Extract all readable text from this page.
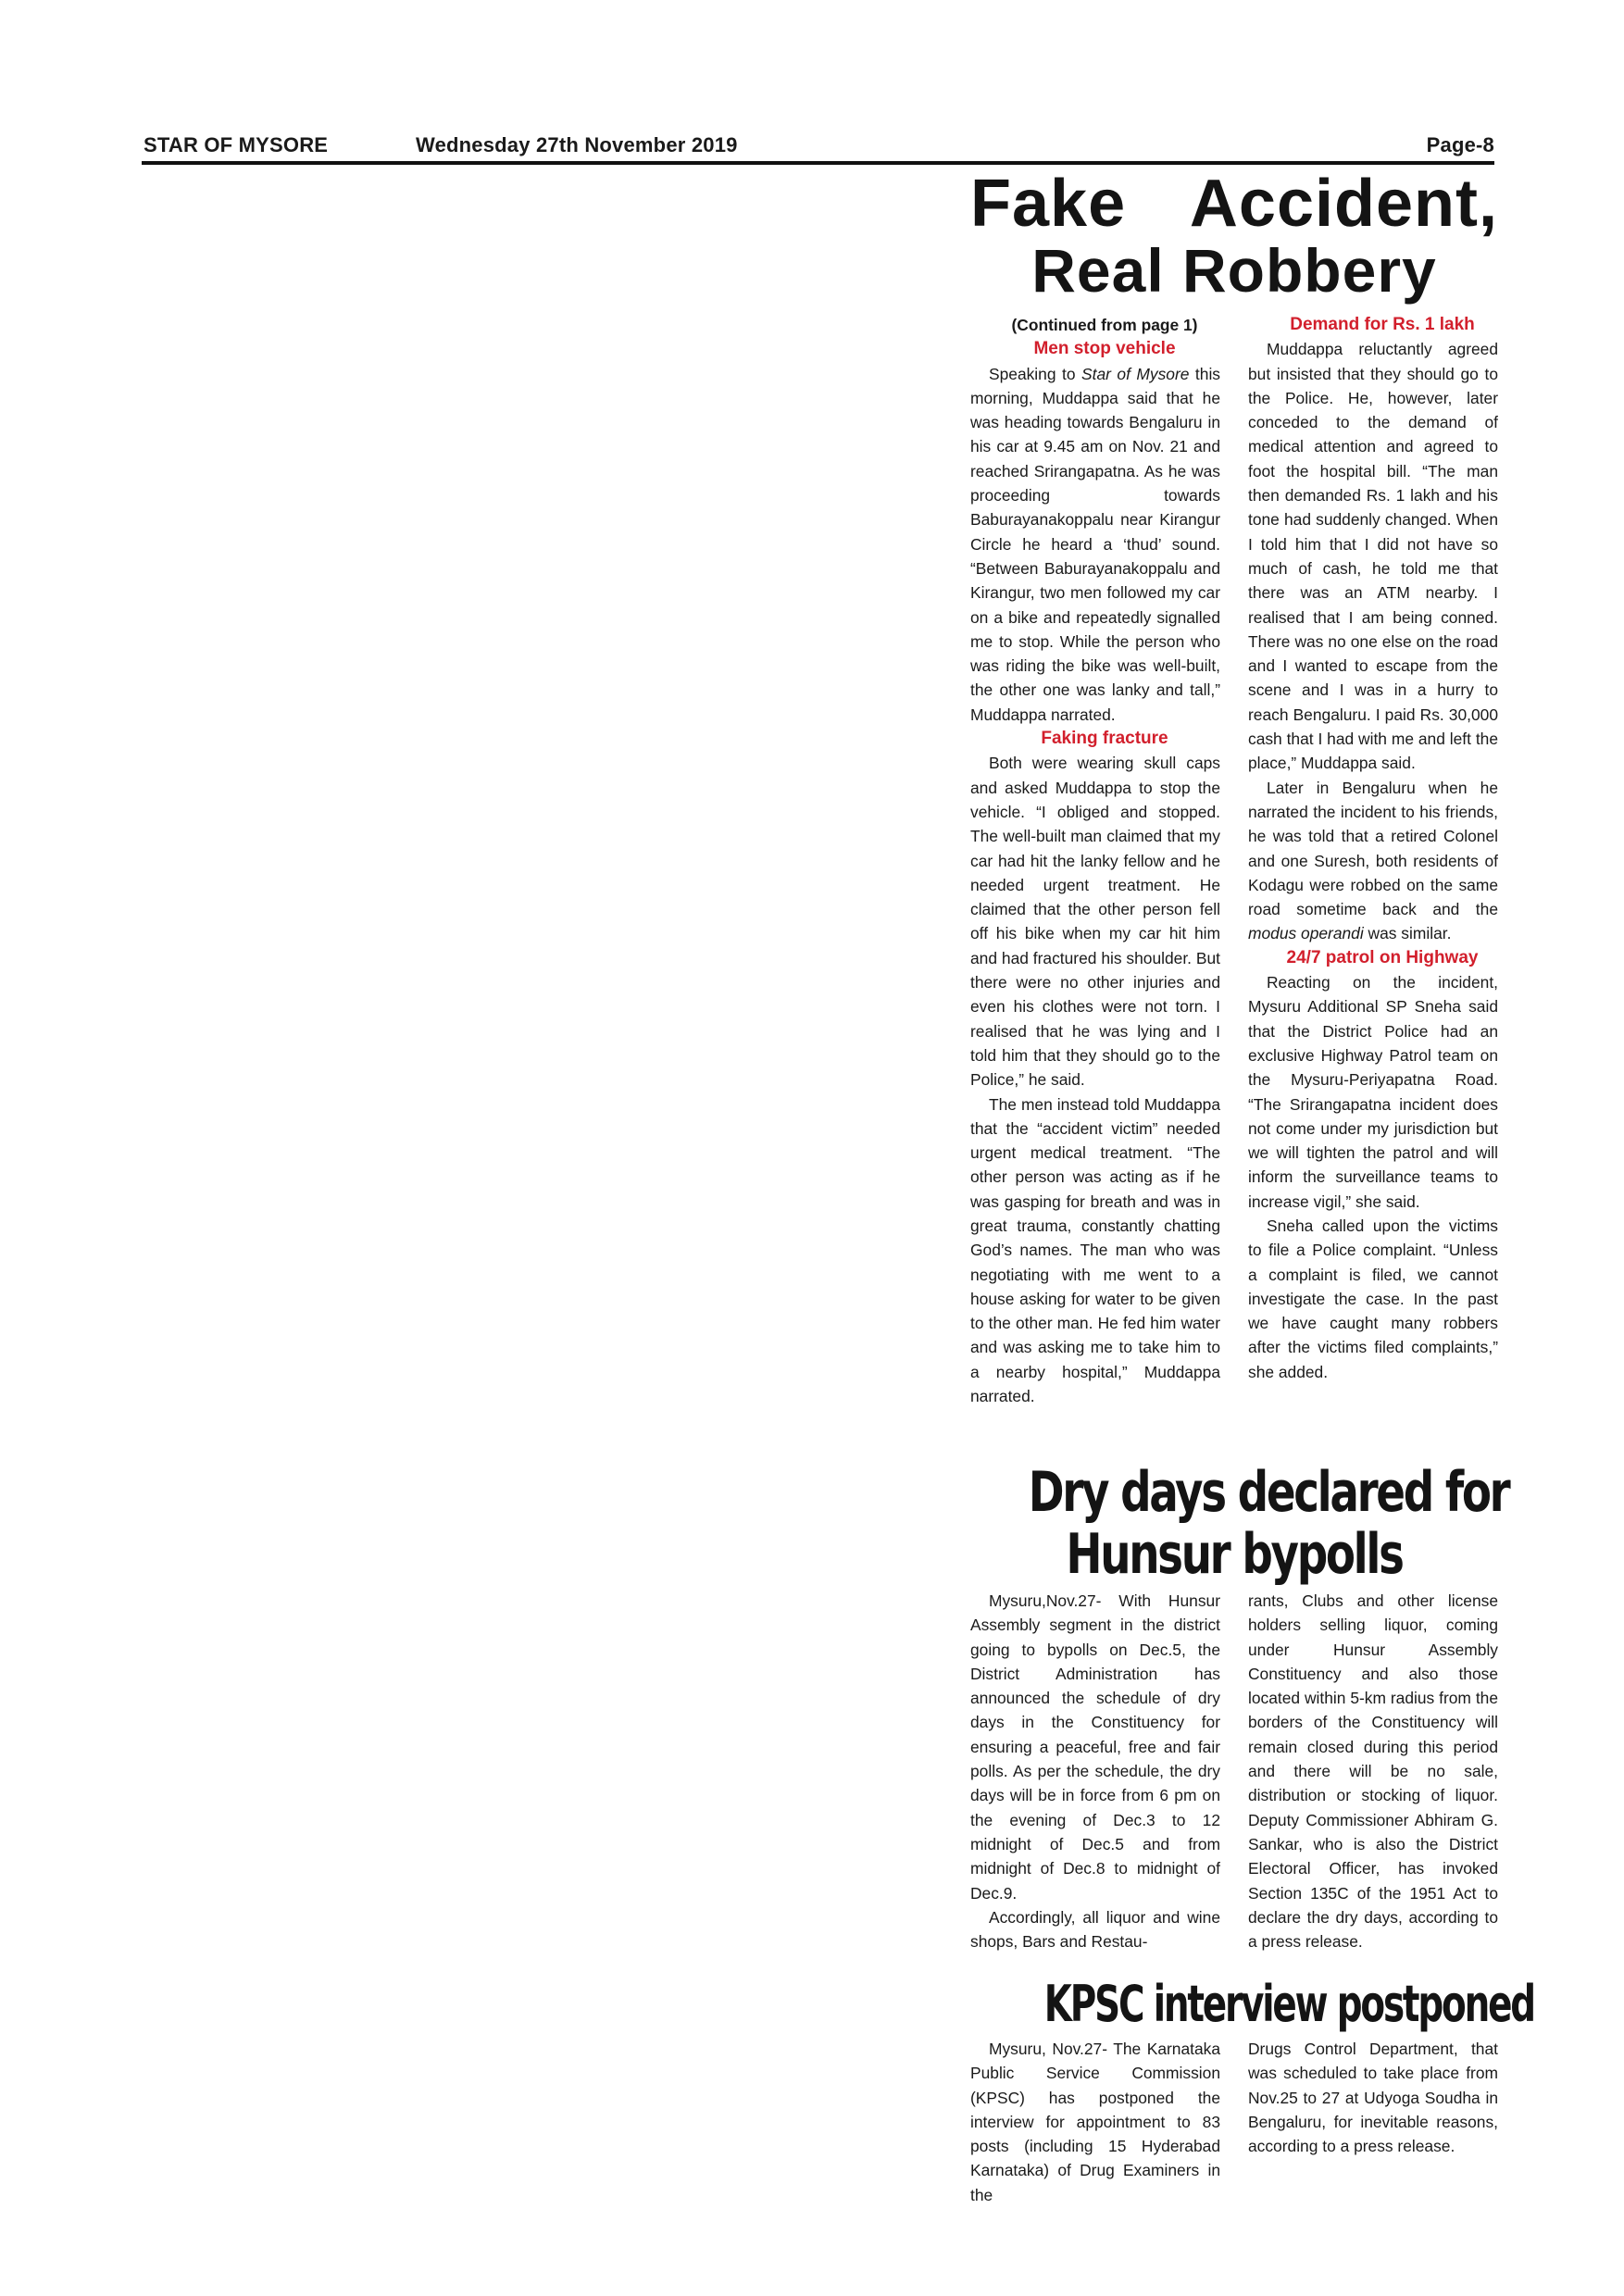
STAR OF MYSORE	Wednesday 27th November 2019	Page-8
Fake Accident,
Real Robbery

(Continued from page 1)

Men stop vehicle

Speaking to Star of Mysore this morning, Muddappa said that he was heading towards Bengaluru in his car at 9.45 am on Nov. 21 and reached Srirangapatna. As he was proceeding towards Baburayanakoppalu near Kirangur Circle he heard a ‘thud’ sound. “Between Baburayanakoppalu and Kirangur, two men followed my car on a bike and repeatedly signalled me to stop. While the person who was riding the bike was well-built, the other one was lanky and tall,” Muddappa narrated.

Faking fracture

Both were wearing skull caps and asked Muddappa to stop the vehicle. “I obliged and stopped. The well-built man claimed that my car had hit the lanky fellow and he needed urgent treatment. He claimed that the other person fell off his bike when my car hit him and had fractured his shoulder. But there were no other injuries and even his clothes were not torn. I realised that he was lying and I told him that they should go to the Police,” he said.

The men instead told Muddappa that the “accident victim” needed urgent medical treatment. “The other person was acting as if he was gasping for breath and was in great trauma, constantly chatting God’s names. The man who was negotiating with me went to a house asking for water to be given to the other man. He fed him water and was asking me to take him to a nearby hospital,” Muddappa narrated.

Demand for Rs. 1 lakh

Muddappa reluctantly agreed but insisted that they should go to the Police. He, however, later conceded to the demand of medical attention and agreed to foot the hospital bill. “The man then demanded Rs. 1 lakh and his tone had suddenly changed. When I told him that I did not have so much of cash, he told me that there was an ATM nearby. I realised that I am being conned. There was no one else on the road and I wanted to escape from the scene and I was in a hurry to reach Bengaluru. I paid Rs. 30,000 cash that I had with me and left the place,” Muddappa said.

Later in Bengaluru when he narrated the incident to his friends, he was told that a retired Colonel and one Suresh, both residents of Kodagu were robbed on the same road sometime back and the modus operandi was similar.

24/7 patrol on Highway

Reacting on the incident, Mysuru Additional SP Sneha said that the District Police had an exclusive Highway Patrol team on the Mysuru-Periyapatna Road. “The Srirangapatna incident does not come under my jurisdiction but we will tighten the patrol and will inform the surveillance teams to increase vigil,” she said.

Sneha called upon the victims to file a Police complaint. “Unless a complaint is filed, we cannot investigate the case. In the past we have caught many robbers after the victims filed complaints,” she added.

Dry days declared for
Hunsur bypolls

Mysuru,Nov.27- With Hunsur Assembly segment in the district going to bypolls on Dec.5, the District Administration has announced the schedule of dry days in the Constituency for ensuring a peaceful, free and fair polls. As per the schedule, the dry days will be in force from 6 pm on the evening of Dec.3 to 12 midnight of Dec.5 and from midnight of Dec.8 to midnight of Dec.9.

Accordingly, all liquor and wine shops, Bars and Restau-

rants, Clubs and other license holders selling liquor, coming under Hunsur Assembly Constituency and also those located within 5-km radius from the borders of the Constituency will remain closed during this period and there will be no sale, distribution or stocking of liquor. Deputy Commissioner Abhiram G. Sankar, who is also the District Electoral Officer, has invoked Section 135C of the 1951 Act to declare the dry days, according to a press release.

KPSC interview postponed

Mysuru, Nov.27- The Karnataka Public Service Commission (KPSC) has postponed the interview for appointment to 83 posts (including 15 Hyderabad Karnataka) of Drug Examiners in the

Drugs Control Department, that was scheduled to take place from Nov.25 to 27 at Udyoga Soudha in Bengaluru, for inevitable reasons, according to a press release.
